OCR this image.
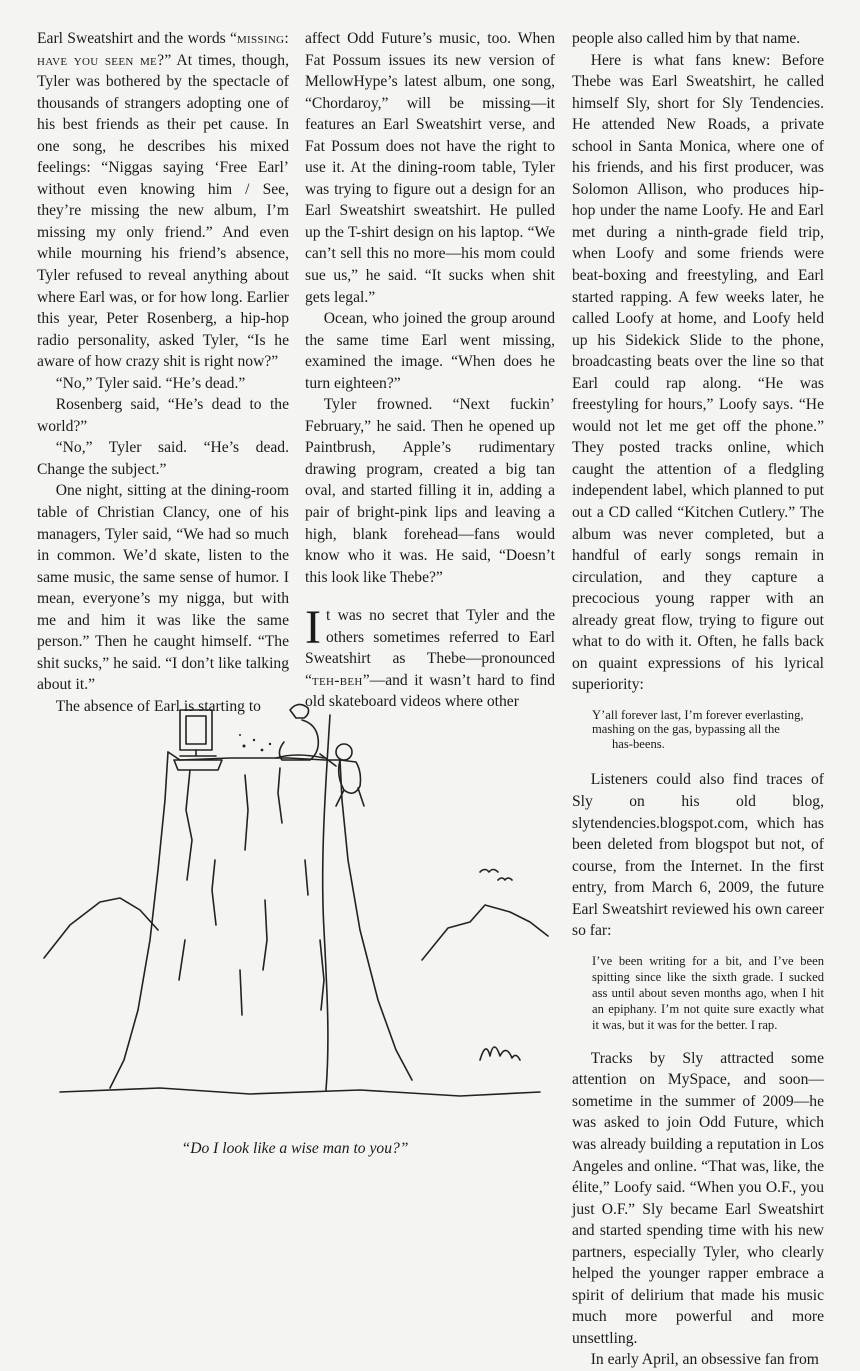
Earl Sweatshirt and the words “missing: have you seen me?” At times, though, Tyler was bothered by the spectacle of thousands of strangers adopting one of his best friends as their pet cause. In one song, he describes his mixed feelings: “Niggas saying ‘Free Earl’ without even knowing him / See, they’re missing the new album, I’m missing my only friend.” And even while mourning his friend’s absence, Tyler refused to reveal anything about where Earl was, or for how long. Earlier this year, Peter Rosenberg, a hip-hop radio personality, asked Tyler, “Is he aware of how crazy shit is right now?”

“No,” Tyler said. “He’s dead.”

Rosenberg said, “He’s dead to the world?”

“No,” Tyler said. “He’s dead. Change the subject.”

One night, sitting at the dining-room table of Christian Clancy, one of his managers, Tyler said, “We had so much in common. We’d skate, listen to the same music, the same sense of humor. I mean, everyone’s my nigga, but with me and him it was like the same person.” Then he caught himself. “The shit sucks,” he said. “I don’t like talking about it.”

The absence of Earl is starting to

affect Odd Future’s music, too. When Fat Possum issues its new version of MellowHype’s latest album, one song, “Chordaroy,” will be missing—it features an Earl Sweatshirt verse, and Fat Possum does not have the right to use it. At the dining-room table, Tyler was trying to figure out a design for an Earl Sweatshirt sweatshirt. He pulled up the T-shirt design on his laptop. “We can’t sell this no more—his mom could sue us,” he said. “It sucks when shit gets legal.”

Ocean, who joined the group around the same time Earl went missing, examined the image. “When does he turn eighteen?”

Tyler frowned. “Next fuckin’ February,” he said. Then he opened up Paintbrush, Apple’s rudimentary drawing program, created a big tan oval, and started filling it in, adding a pair of bright-pink lips and leaving a high, blank forehead—fans would know who it was. He said, “Doesn’t this look like Thebe?”

It was no secret that Tyler and the others sometimes referred to Earl Sweatshirt as Thebe—pronounced “teh-beh”—and it wasn’t hard to find old skateboard videos where other

people also called him by that name.

Here is what fans knew: Before Thebe was Earl Sweatshirt, he called himself Sly, short for Sly Tendencies. He attended New Roads, a private school in Santa Monica, where one of his friends, and his first producer, was Solomon Allison, who produces hip-hop under the name Loofy. He and Earl met during a ninth-grade field trip, when Loofy and some friends were beat-boxing and freestyling, and Earl started rapping. A few weeks later, he called Loofy at home, and Loofy held up his Sidekick Slide to the phone, broadcasting beats over the line so that Earl could rap along. “He was freestyling for hours,” Loofy says. “He would not let me get off the phone.” They posted tracks online, which caught the attention of a fledgling independent label, which planned to put out a CD called “Kitchen Cutlery.” The album was never completed, but a handful of early songs remain in circulation, and they capture a precocious young rapper with an already great flow, trying to figure out what to do with it. Often, he falls back on quaint expressions of his lyrical superiority:

Y’all forever last, I’m forever everlasting,
mashing on the gas, bypassing all the
has-beens.

Listeners could also find traces of Sly on his old blog, slytendencies.blogspot.com, which has been deleted from blogspot but not, of course, from the Internet. In the first entry, from March 6, 2009, the future Earl Sweatshirt reviewed his own career so far:

I’ve been writing for a bit, and I’ve been spitting since like the sixth grade. I sucked ass until about seven months ago, when I hit an epiphany. I’m not quite sure exactly what it was, but it was for the better. I rap.

Tracks by Sly attracted some attention on MySpace, and soon—sometime in the summer of 2009—he was asked to join Odd Future, which was already building a reputation in Los Angeles and online. “That was, like, the élite,” Loofy said. “When you O.F., you just O.F.” Sly became Earl Sweatshirt and started spending time with his new partners, especially Tyler, who clearly helped the younger rapper embrace a spirit of delirium that made his music much more powerful and more unsettling.

In early April, an obsessive fan from

“Do I look like a wise man to you?”
